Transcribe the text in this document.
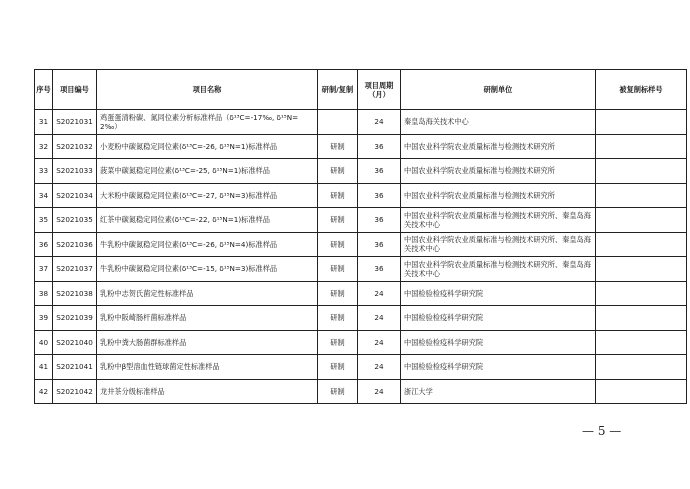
序号	项目编号	项目名称	研制/复制	项目周期（月）	研制单位	被复制标样号
31	S2021031	鸡蛋蛋清粉碳、氮同位素分析标准样品（δ¹³C=-17‰, δ¹⁵N=2‰）		24	秦皇岛海关技术中心	
32	S2021032	小麦粉中碳氮稳定同位素(δ¹³C=-26, δ¹⁵N=1)标准样品	研制	36	中国农业科学院农业质量标准与检测技术研究所	
33	S2021033	菠菜中碳氮稳定同位素(δ¹³C=-25, δ¹⁵N=1)标准样品	研制	36	中国农业科学院农业质量标准与检测技术研究所	
34	S2021034	大米粉中碳氮稳定同位素(δ¹³C=-27, δ¹⁵N=3)标准样品	研制	36	中国农业科学院农业质量标准与检测技术研究所	
35	S2021035	红茶中碳氮稳定同位素(δ¹³C=-22, δ¹⁵N=1)标准样品	研制	36	中国农业科学院农业质量标准与检测技术研究所、秦皇岛海关技术中心	
36	S2021036	牛乳粉中碳氮稳定同位素(δ¹³C=-26, δ¹⁵N=4)标准样品	研制	36	中国农业科学院农业质量标准与检测技术研究所、秦皇岛海关技术中心	
37	S2021037	牛乳粉中碳氮稳定同位素(δ¹³C=-15, δ¹⁵N=3)标准样品	研制	36	中国农业科学院农业质量标准与检测技术研究所、秦皇岛海关技术中心	
38	S2021038	乳粉中志贺氏菌定性标准样品	研制	24	中国检验检疫科学研究院	
39	S2021039	乳粉中阪崎肠杆菌标准样品	研制	24	中国检验检疫科学研究院	
40	S2021040	乳粉中粪大肠菌群标准样品	研制	24	中国检验检疫科学研究院	
41	S2021041	乳粉中β型溶血性链球菌定性标准样品	研制	24	中国检验检疫科学研究院	
42	S2021042	龙井茶分级标准样品	研制	24	浙江大学	
— 5 —
